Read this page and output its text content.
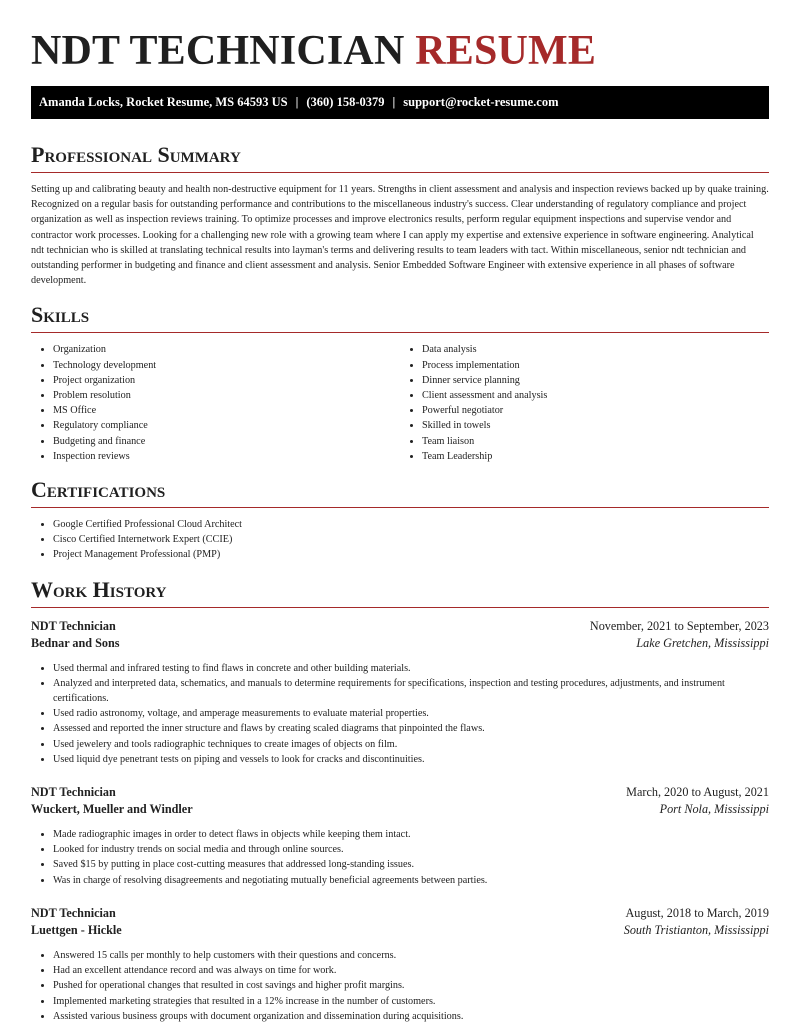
NDT TECHNICIAN RESUME
Amanda Locks, Rocket Resume, MS 64593 US | (360) 158-0379 | support@rocket-resume.com
Professional Summary

Setting up and calibrating beauty and health non-destructive equipment for 11 years. Strengths in client assessment and analysis and inspection reviews backed up by quake training. Recognized on a regular basis for outstanding performance and contributions to the miscellaneous industry's success. Clear understanding of regulatory compliance and project organization as well as inspection reviews training. To optimize processes and improve electronics results, perform regular equipment inspections and supervise vendor and contractor work processes. Looking for a challenging new role with a growing team where I can apply my expertise and extensive experience in software engineering. Analytical ndt technician who is skilled at translating technical results into layman's terms and delivering results to team leaders with tact. Within miscellaneous, senior ndt technician and outstanding performer in budgeting and finance and client assessment and analysis. Senior Embedded Software Engineer with extensive experience in all phases of software development.

Skills
• Organization
• Technology development
• Project organization
• Problem resolution
• MS Office
• Regulatory compliance
• Budgeting and finance
• Inspection reviews
• Data analysis
• Process implementation
• Dinner service planning
• Client assessment and analysis
• Powerful negotiator
• Skilled in towels
• Team liaison
• Team Leadership
Certifications
• Google Certified Professional Cloud Architect
• Cisco Certified Internetwork Expert (CCIE)
• Project Management Professional (PMP)
Work History
NDT Technician	November, 2021 to September, 2023
Bednar and Sons	Lake Gretchen, Mississippi
• Used thermal and infrared testing to find flaws in concrete and other building materials.
• Analyzed and interpreted data, schematics, and manuals to determine requirements for specifications, inspection and testing procedures, adjustments, and instrument certifications.
• Used radio astronomy, voltage, and amperage measurements to evaluate material properties.
• Assessed and reported the inner structure and flaws by creating scaled diagrams that pinpointed the flaws.
• Used jewelery and tools radiographic techniques to create images of objects on film.
• Used liquid dye penetrant tests on piping and vessels to look for cracks and discontinuities.
NDT Technician	March, 2020 to August, 2021
Wuckert, Mueller and Windler	Port Nola, Mississippi
• Made radiographic images in order to detect flaws in objects while keeping them intact.
• Looked for industry trends on social media and through online sources.
• Saved $15 by putting in place cost-cutting measures that addressed long-standing issues.
• Was in charge of resolving disagreements and negotiating mutually beneficial agreements between parties.
NDT Technician	August, 2018 to March, 2019
Luettgen - Hickle	South Tristianton, Mississippi
• Answered 15 calls per monthly to help customers with their questions and concerns.
• Had an excellent attendance record and was always on time for work.
• Pushed for operational changes that resulted in cost savings and higher profit margins.
• Implemented marketing strategies that resulted in a 12% increase in the number of customers.
• Assisted various business groups with document organization and dissemination during acquisitions.
